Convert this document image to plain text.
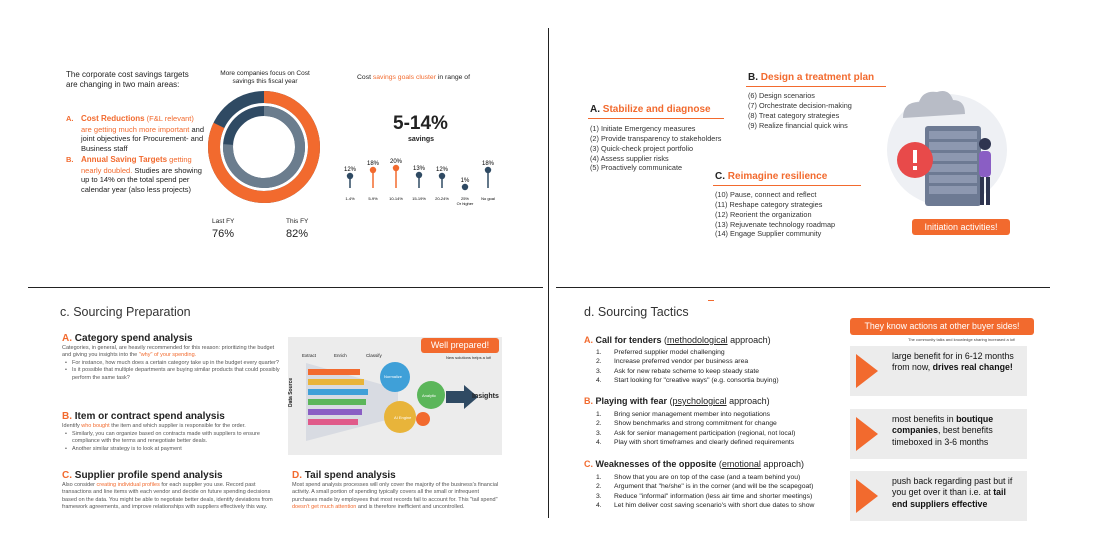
The corporate cost savings targets are changing in two main areas:
A. Cost Reductions (F&L relevant) are getting much more important and joint objectives for Procurement- and Business staff
B. Annual Saving Targets getting nearly doubled. Studies are showing up to 14% on the total spend per calendar year (also less projects)
More companies focus on Cost savings this fiscal year
Last FY
76%
This FY
82%
Cost savings goals cluster in range of
5-14%
savings
12%
1-4%
18%
5-9%
20%
10-14%
13%
15-19%
12%
20-24%
1%
25%
Or higher
18%
No goal
A. Stabilize and diagnose
(1) Initiate Emergency measures
(2) Provide transparency to stakeholders
(3) Quick-check project portfolio
(4) Assess supplier risks
(5) Proactively communicate
B. Design a treatment plan
(6) Design scenarios
(7) Orchestrate decision-making
(8) Treat category strategies
(9) Realize financial quick wins
C. Reimagine resilience
(10) Pause, connect and reflect
(11) Reshape category strategies
(12) Reorient the organization
(13) Rejuvenate technology roadmap
(14) Engage Supplier community
Initiation activities!
c. Sourcing Preparation
A. Category spend analysis
Categories, in general, are heavily recommended for this reason: prioritizing the budget and giving you insights into the "why" of your spending.
• For instance, how much does a certain category take up in the budget every quarter?
• Is it possible that multiple departments are buying similar products that could possibly perform the same task?
B. Item or contract spend analysis
Identify who bought the item and which supplier is responsible for the order.
• Similarly, you can organize based on contracts made with suppliers to ensure compliance with the terms and renegotiate better deals.
• Another similar strategy is to look at payment
C. Supplier profile spend analysis
Also consider creating individual profiles for each supplier you use. Record past transactions and line items with each vendor and decide on future spending decisions based on the data. You might be able to negotiate better deals, identify deviations from framework agreements, and improve relationships with suppliers effectively this way.
D. Tail spend analysis
Most spend analysis processes will only cover the majority of the business's financial activity. A small portion of spending typically covers all the small or infrequent purchases made by employees that most records fail to account for. This "tail spend" doesn't get much attention and is therefore inefficient and uncontrolled.
Extract	Enrich	Classify
Data Source
Normalize
Analytic
AI Engine
Insights
Well prepared!
New solutions helps a lot!
d. Sourcing Tactics
A. Call for tenders (methodological approach)
1. Preferred supplier model challenging
2. Increase preferred vendor per business area
3. Ask for new rebate scheme to keep steady state
4. Start looking for "creative ways" (e.g. consortia buying)
B. Playing with fear (psychological approach)
1. Bring senior management member into negotiations
2. Show benchmarks and strong commitment for change
3. Ask for senior management participation (regional, not local)
4. Play with short timeframes and clearly defined requirements
C. Weaknesses of the opposite (emotional approach)
1. Show that you are on top of the case (and a team behind you)
2. Argument that "he/she" is in the corner (and will be the scapegoat)
3. Reduce "informal" information (less air time and shorter meetings)
4. Let him deliver cost saving scenario's with short due dates to show
They know actions at other buyer sides!
The community talks and knowledge sharing increased a lot!
large benefit for in 6-12 months from now, drives real change!
most benefits in boutique companies, best benefits timeboxed in 3-6 months
push back regarding past but if you get over it than i.e. at tail end suppliers effective
